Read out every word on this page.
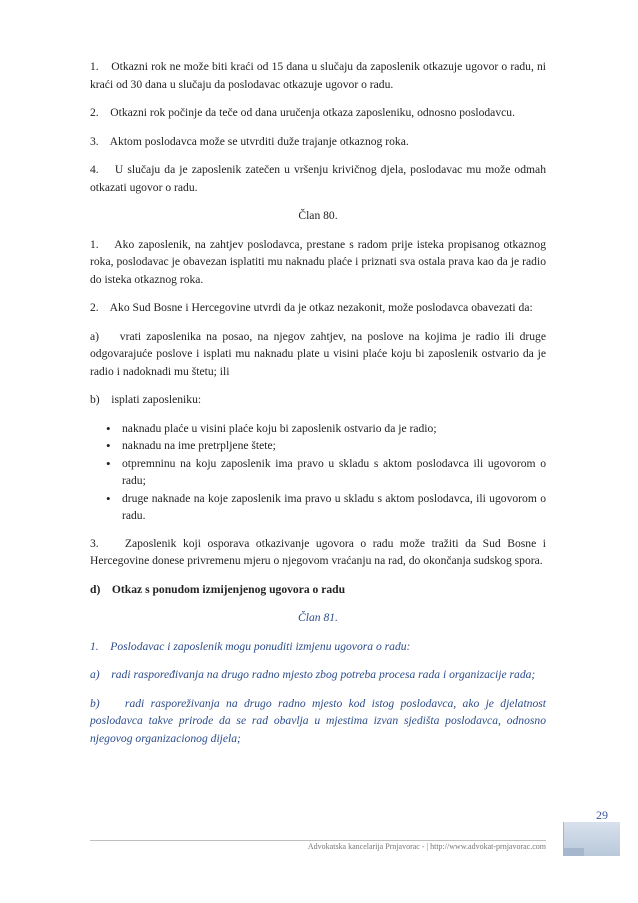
1.    Otkazni rok ne može biti kraći od 15 dana u slučaju da zaposlenik otkazuje ugovor o radu, ni kraći od 30 dana u slučaju da poslodavac otkazuje ugovor o radu.

2.    Otkazni rok počinje da teče od dana uručenja otkaza zaposleniku, odnosno poslodavcu.

3.    Aktom poslodavca može se utvrditi duže trajanje otkaznog roka.

4.    U slučaju da je zaposlenik zatečen u vršenju krivičnog djela, poslodavac mu može odmah otkazati ugovor o radu.

Član 80.

1.    Ako zaposlenik, na zahtjev poslodavca, prestane s radom prije isteka propisanog otkaznog roka, poslodavac je obavezan isplatiti mu naknadu plaće i priznati sva ostala prava kao da je radio do isteka otkaznog roka.

2.    Ako Sud Bosne i Hercegovine utvrdi da je otkaz nezakonit, može poslodavca obavezati da:

a)    vrati zaposlenika na posao, na njegov zahtjev, na poslove na kojima je radio ili druge odgovarajuće poslove i isplati mu naknadu plate u visini plaće koju bi zaposlenik ostvario da je radio i nadoknadi mu štetu; ili

b)    isplati zaposleniku:

• naknadu plaće u visini plaće koju bi zaposlenik ostvario da je radio;
• naknadu na ime pretrpljene štete;
• otpremninu na koju zaposlenik ima pravo u skladu s aktom poslodavca ili ugovorom o radu;
• druge naknade na koje zaposlenik ima pravo u skladu s aktom poslodavca, ili ugovorom o radu.

3.    Zaposlenik koji osporava otkazivanje ugovora o radu može tražiti da Sud Bosne i Hercegovine donese privremenu mjeru o njegovom vraćanju na rad, do okončanja sudskog spora.

d)    Otkaz s ponudom izmijenjenog ugovora o radu

Član 81.

1.    Poslodavac i zaposlenik mogu ponuditi izmjenu ugovora o radu:

a)    radi raspoređivanja na drugo radno mjesto zbog potreba procesa rada i organizacije rada;

b)    radi rasporeživanja na drugo radno mjesto kod istog poslodavca, ako je djelatnost poslodavca takve prirode da se rad obavlja u mjestima izvan sjedišta poslodavca, odnosno njegovog organizacionog dijela;

29
Advokatska kancelarija Prnjavorac - | http://www.advokat-prnjavorac.com
